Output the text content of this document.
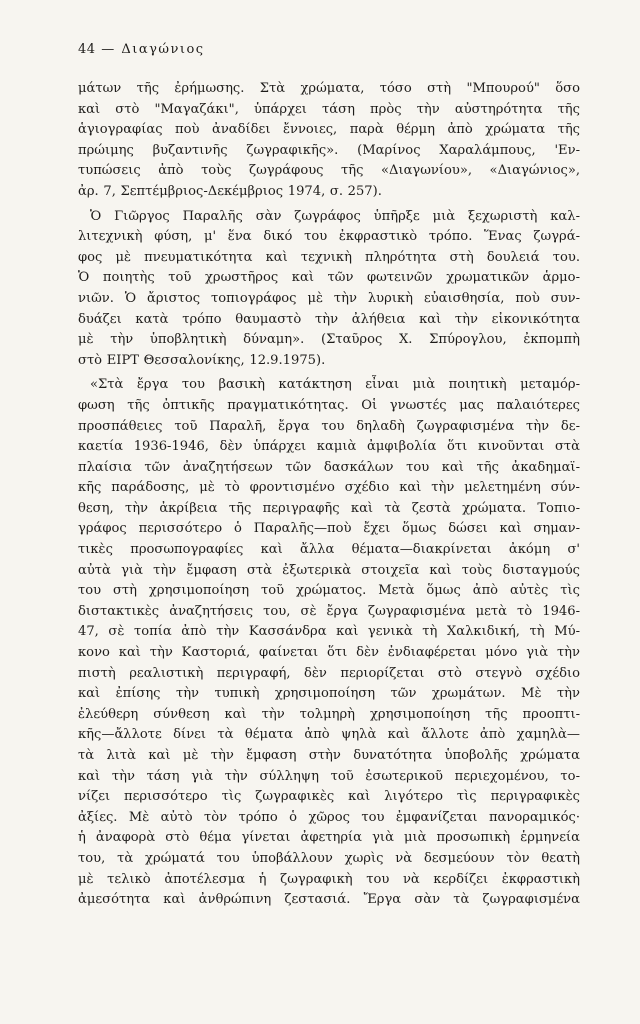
44 — Διαγώνιος
μάτων τῆς ἐρήμωσης. Στὰ χρώματα, τόσο στὴ "Μπουρού" ὅσο
καὶ στὸ "Μαγαζάκι", ὑπάρχει τάση πρὸς τὴν αὐστηρότητα τῆς
ἁγιογραφίας ποὺ ἀναδίδει ἔννοιες, παρὰ θέρμη ἀπὸ χρώματα τῆς
πρώιμης βυζαντινῆς ζωγραφικῆς». (Μαρίνος Χαραλάμπους, 'Εν-
τυπώσεις ἀπὸ τοὺς ζωγράφους τῆς «Διαγωνίου», «Διαγώνιος»,
ἀρ. 7, Σεπτέμβριος-Δεκέμβριος 1974, σ. 257).
Ὁ Γιῶργος Παραλῆς σὰν ζωγράφος ὑπῆρξε μιὰ ξεχωριστὴ καλ-
λιτεχνικὴ φύση, μ' ἕνα δικό του ἐκφραστικὸ τρόπο. Ἕνας ζωγρά-
φος μὲ πνευματικότητα καὶ τεχνικὴ πληρότητα στὴ δουλειά του.
Ὁ ποιητὴς τοῦ χρωστῆρος καὶ τῶν φωτεινῶν χρωματικῶν ἁρμο-
νιῶν. Ὁ ἄριστος τοπιογράφος μὲ τὴν λυρικὴ εὐαισθησία, ποὺ συν-
δυάζει κατὰ τρόπο θαυμαστὸ τὴν ἀλήθεια καὶ τὴν εἰκονικότητα
μὲ τὴν ὑποβλητικὴ δύναμη». (Σταῦρος Χ. Σπύρογλου, ἐκπομπὴ
στὸ ΕΙΡΤ Θεσσαλονίκης, 12.9.1975).
«Στὰ ἔργα του βασικὴ κατάκτηση εἶναι μιὰ ποιητικὴ μεταμόρ-
φωση τῆς ὀπτικῆς πραγματικότητας. Οἱ γνωστές μας παλαιότερες
προσπάθειες τοῦ Παραλῆ, ἔργα του δηλαδὴ ζωγραφισμένα τὴν δε-
καετία 1936-1946, δὲν ὑπάρχει καμιὰ ἀμφιβολία ὅτι κινοῦνται στὰ
πλαίσια τῶν ἀναζητήσεων τῶν δασκάλων του καὶ τῆς ἀκαδημαϊ-
κῆς παράδοσης, μὲ τὸ φροντισμένο σχέδιο καὶ τὴν μελετημένη σύν-
θεση, τὴν ἀκρίβεια τῆς περιγραφῆς καὶ τὰ ζεστὰ χρώματα. Τοπιο-
γράφος περισσότερο ὁ Παραλῆς—ποὺ ἔχει ὅμως δώσει καὶ σημαν-
τικὲς προσωπογραφίες καὶ ἄλλα θέματα—διακρίνεται ἀκόμη σ'
αὐτὰ γιὰ τὴν ἔμφαση στὰ ἐξωτερικὰ στοιχεῖα καὶ τοὺς δισταγμούς
του στὴ χρησιμοποίηση τοῦ χρώματος. Μετὰ ὅμως ἀπὸ αὐτὲς τὶς
διστακτικὲς ἀναζητήσεις του, σὲ ἔργα ζωγραφισμένα μετὰ τὸ 1946-
47, σὲ τοπία ἀπὸ τὴν Κασσάνδρα καὶ γενικὰ τὴ Χαλκιδική, τὴ Μύ-
κονο καὶ τὴν Καστοριά, φαίνεται ὅτι δὲν ἐνδιαφέρεται μόνο γιὰ τὴν
πιστὴ ρεαλιστικὴ περιγραφή, δὲν περιορίζεται στὸ στεγνὸ σχέδιο
καὶ ἐπίσης τὴν τυπικὴ χρησιμοποίηση τῶν χρωμάτων. Μὲ τὴν
ἐλεύθερη σύνθεση καὶ τὴν τολμηρὴ χρησιμοποίηση τῆς προοπτι-
κῆς—ἄλλοτε δίνει τὰ θέματα ἀπὸ ψηλὰ καὶ ἄλλοτε ἀπὸ χαμηλὰ—
τὰ λιτὰ καὶ μὲ τὴν ἔμφαση στὴν δυνατότητα ὑποβολῆς χρώματα
καὶ τὴν τάση γιὰ τὴν σύλληψη τοῦ ἐσωτερικοῦ περιεχομένου, το-
νίζει περισσότερο τὶς ζωγραφικὲς καὶ λιγότερο τὶς περιγραφικὲς
ἀξίες. Μὲ αὐτὸ τὸν τρόπο ὁ χῶρος του ἐμφανίζεται πανοραμικός·
ἡ ἀναφορὰ στὸ θέμα γίνεται ἀφετηρία γιὰ μιὰ προσωπικὴ ἑρμηνεία
του, τὰ χρώματά του ὑποβάλλουν χωρὶς νὰ δεσμεύουν τὸν θεατὴ
μὲ τελικὸ ἀποτέλεσμα ἡ ζωγραφικὴ του νὰ κερδίζει ἐκφραστικὴ
ἀμεσότητα καὶ ἀνθρώπινη ζεστασιά. Ἔργα σὰν τὰ ζωγραφισμένα
